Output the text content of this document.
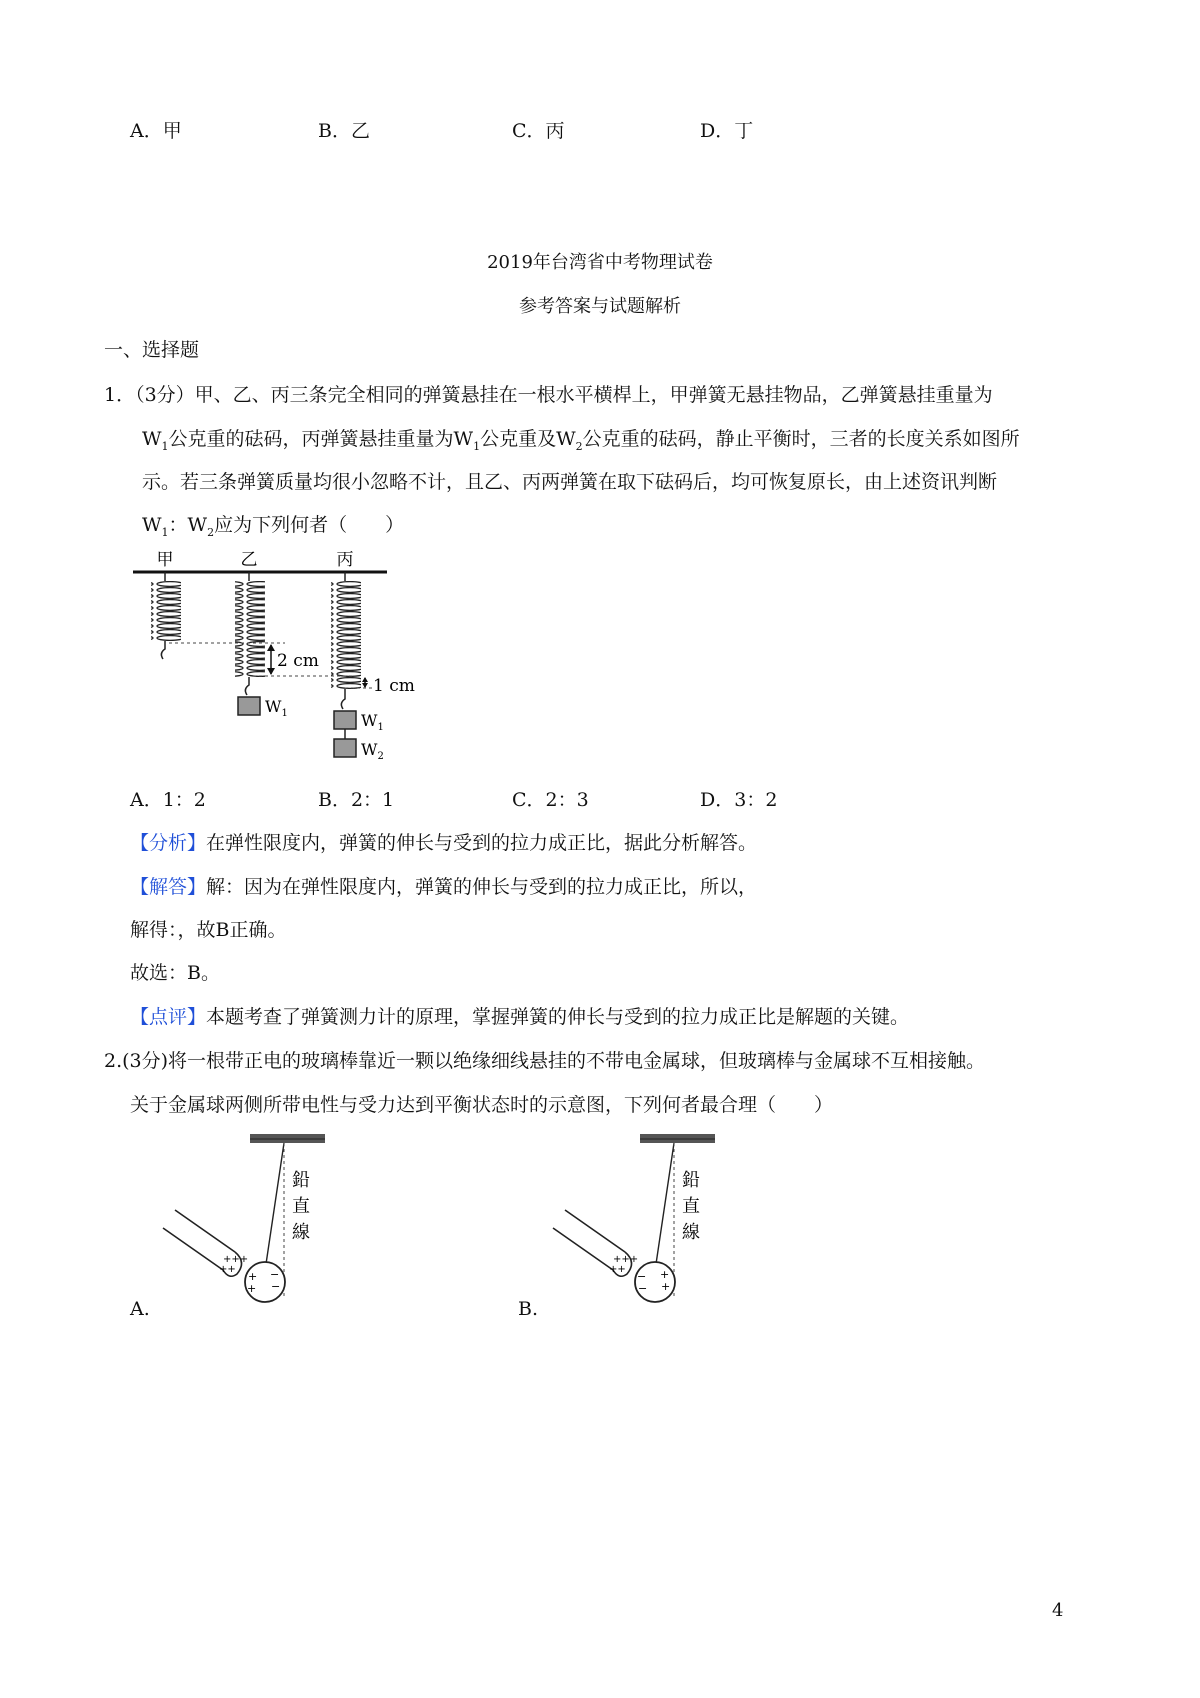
A．甲	B．乙	C．丙	D．丁
2019年台湾省中考物理试卷
参考答案与试题解析
一、选择题
1．（3分）甲、乙、丙三条完全相同的弹簧悬挂在一根水平横桿上，甲弹簧无悬挂物品，乙弹簧悬挂重量为
$W_1$公克重的砝码，丙弹簧悬挂重量为$W_1$公克重及$W_2$公克重的砝码，静止平衡时，三者的长度关系如图所
示。若三条弹簧质量均很小忽略不计，且乙、丙两弹簧在取下砝码后，均可恢复原长，由上述资讯判断
$W_1$：$W_2$应为下列何者（　　）
甲	乙	丙
$W_1$	$W_1$
$W_2$
2 cm
1 cm
A．1：2	B．2：1	C．2：3	D．3：2
【分析】在弹性限度内，弹簧的伸长与受到的拉力成正比，据此分析解答。
【解答】解：因为在弹性限度内，弹簧的伸长与受到的拉力成正比，所以，
解得：，故B正确。
故选：B。
【点评】本题考查了弹簧测力计的原理，掌握弹簧的伸长与受到的拉力成正比是解题的关键。
2.(3分)将一根带正电的玻璃棒靠近一颗以绝缘细线悬挂的不带电金属球，但玻璃棒与金属球不互相接触。
关于金属球两侧所带电性与受力达到平衡状态时的示意图，下列何者最合理（　　）
鉛
直
線
+++
++
+
+
−
−
A.
鉛
直
線
+++
++
−
−
+
+
B.
4
